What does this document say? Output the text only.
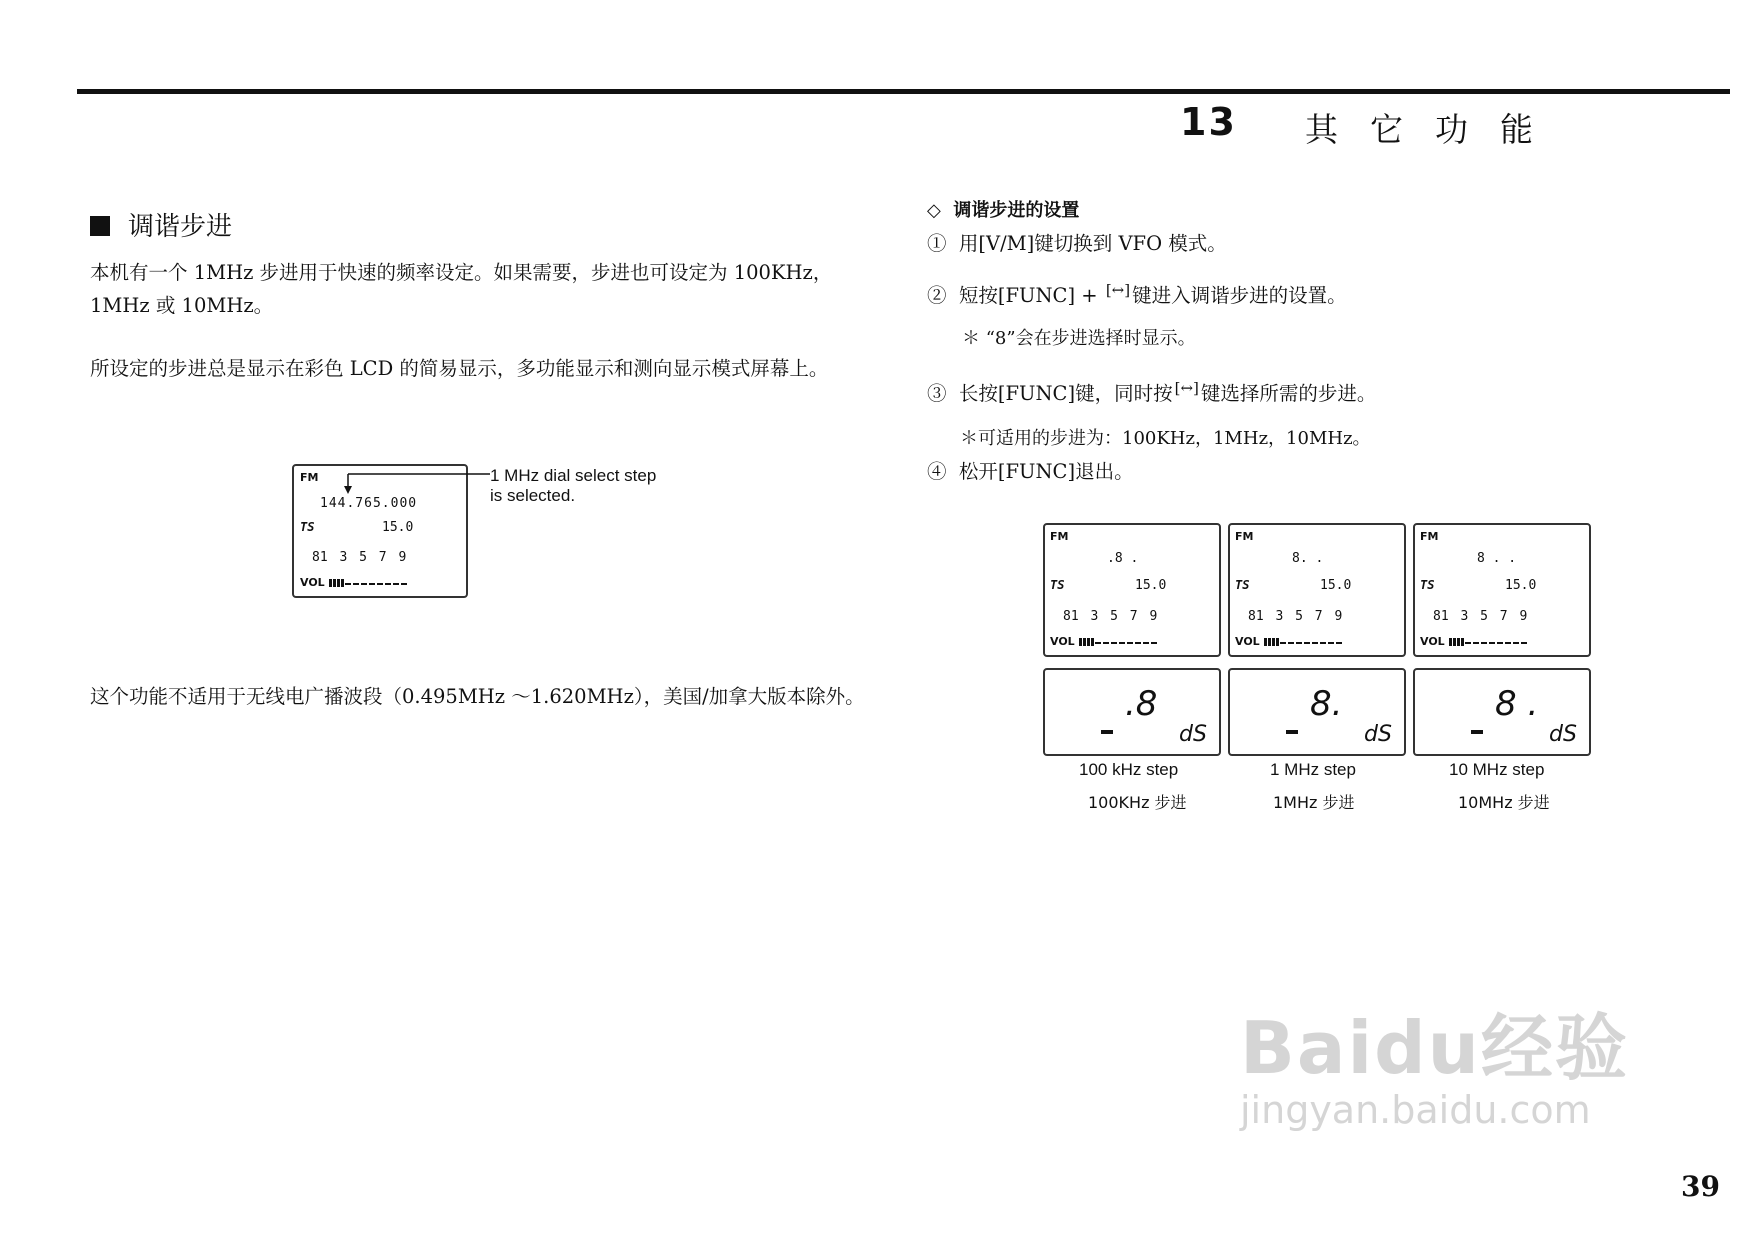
13 其它功能
调谐步进
本机有一个 1MHz 步进用于快速的频率设定。如果需要，步进也可设定为 100KHz，1MHz 或 10MHz。
所设定的步进总是显示在彩色 LCD 的简易显示，多功能显示和测向显示模式屏幕上。
FM
144.765.000
TS	15.0
81 3 5 7 9
VOL
1 MHz dial select step
is selected.
这个功能不适用于无线电广播波段（0.495MHz ～1.620MHz），美国/加拿大版本除外。
◇ 调谐步进的设置
① 用[V/M]键切换到 VFO 模式。
② 短按[FUNC] + [↔] 键进入调谐步进的设置。
＊ “8”会在步进选择时显示。
③ 长按[FUNC]键，同时按 [↔] 键选择所需的步进。
＊可适用的步进为：100KHz，1MHz，10MHz。
④ 松开[FUNC]退出。
FM
.8 .
TS	15.0
81 3 5 7 9
VOL
.8
dS
100 kHz step
100KHz 步进
FM
8. .
TS	15.0
81 3 5 7 9
VOL
8.
dS
1 MHz step
1MHz 步进
FM
8 . .
TS	15.0
81 3 5 7 9
VOL
8 .
dS
10 MHz step
10MHz 步进
39
Baidu经验
jingyan.baidu.com
